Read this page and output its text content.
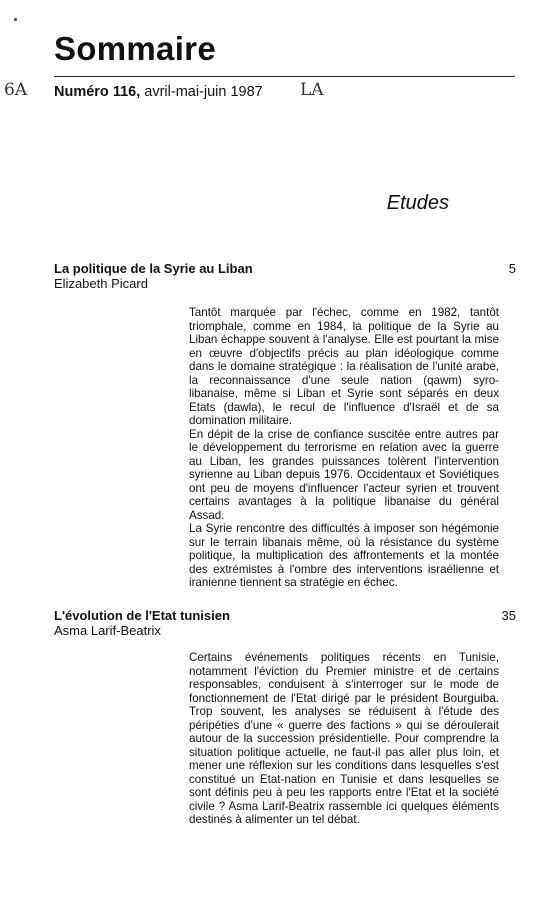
Sommaire
6A Numéro 116, avril-mai-juin 1987 LA
Etudes
La politique de la Syrie au Liban	5
Elizabeth Picard

Tantôt marquée par l'échec, comme en 1982, tantôt triomphale, comme en 1984, la politique de la Syrie au Liban échappe souvent à l'analyse. Elle est pourtant la mise en œuvre d'objectifs précis au plan idéologique comme dans le domaine stratégique : la réalisation de l'unité arabe, la reconnaissance d'une seule nation (qawm) syro-libanaise, même si Liban et Syrie sont séparés en deux Etats (dawla), le recul de l'influence d'Israël et de sa domination militaire.

En dépit de la crise de confiance suscitée entre autres par le développement du terrorisme en relation avec la guerre au Liban, les grandes puissances tolèrent l'intervention syrienne au Liban depuis 1976. Occidentaux et Soviétiques ont peu de moyens d'influencer l'acteur syrien et trouvent certains avantages à la politique libanaise du général Assad.

La Syrie rencontre des difficultés à imposer son hégémonie sur le terrain libanais même, où la résistance du système politique, la multiplication des affrontements et la montée des extrémistes à l'ombre des interventions israélienne et iranienne tiennent sa stratégie en échec.

L'évolution de l'Etat tunisien	35
Asma Larif-Beatrix

Certains événements politiques récents en Tunisie, notamment l'éviction du Premier ministre et de certains responsables, conduisent à s'interroger sur le mode de fonctionnement de l'Etat dirigé par le président Bourguiba. Trop souvent, les analyses se réduisent à l'étude des péripéties d'une « guerre des factions » qui se déroulerait autour de la succession présidentielle. Pour comprendre la situation politique actuelle, ne faut-il pas aller plus loin, et mener une réflexion sur les conditions dans lesquelles s'est constitué un Etat-nation en Tunisie et dans lesquelles se sont définis peu à peu les rapports entre l'Etat et la société civile ? Asma Larif-Beatrix rassemble ici quelques éléments destinés à alimenter un tel débat.
